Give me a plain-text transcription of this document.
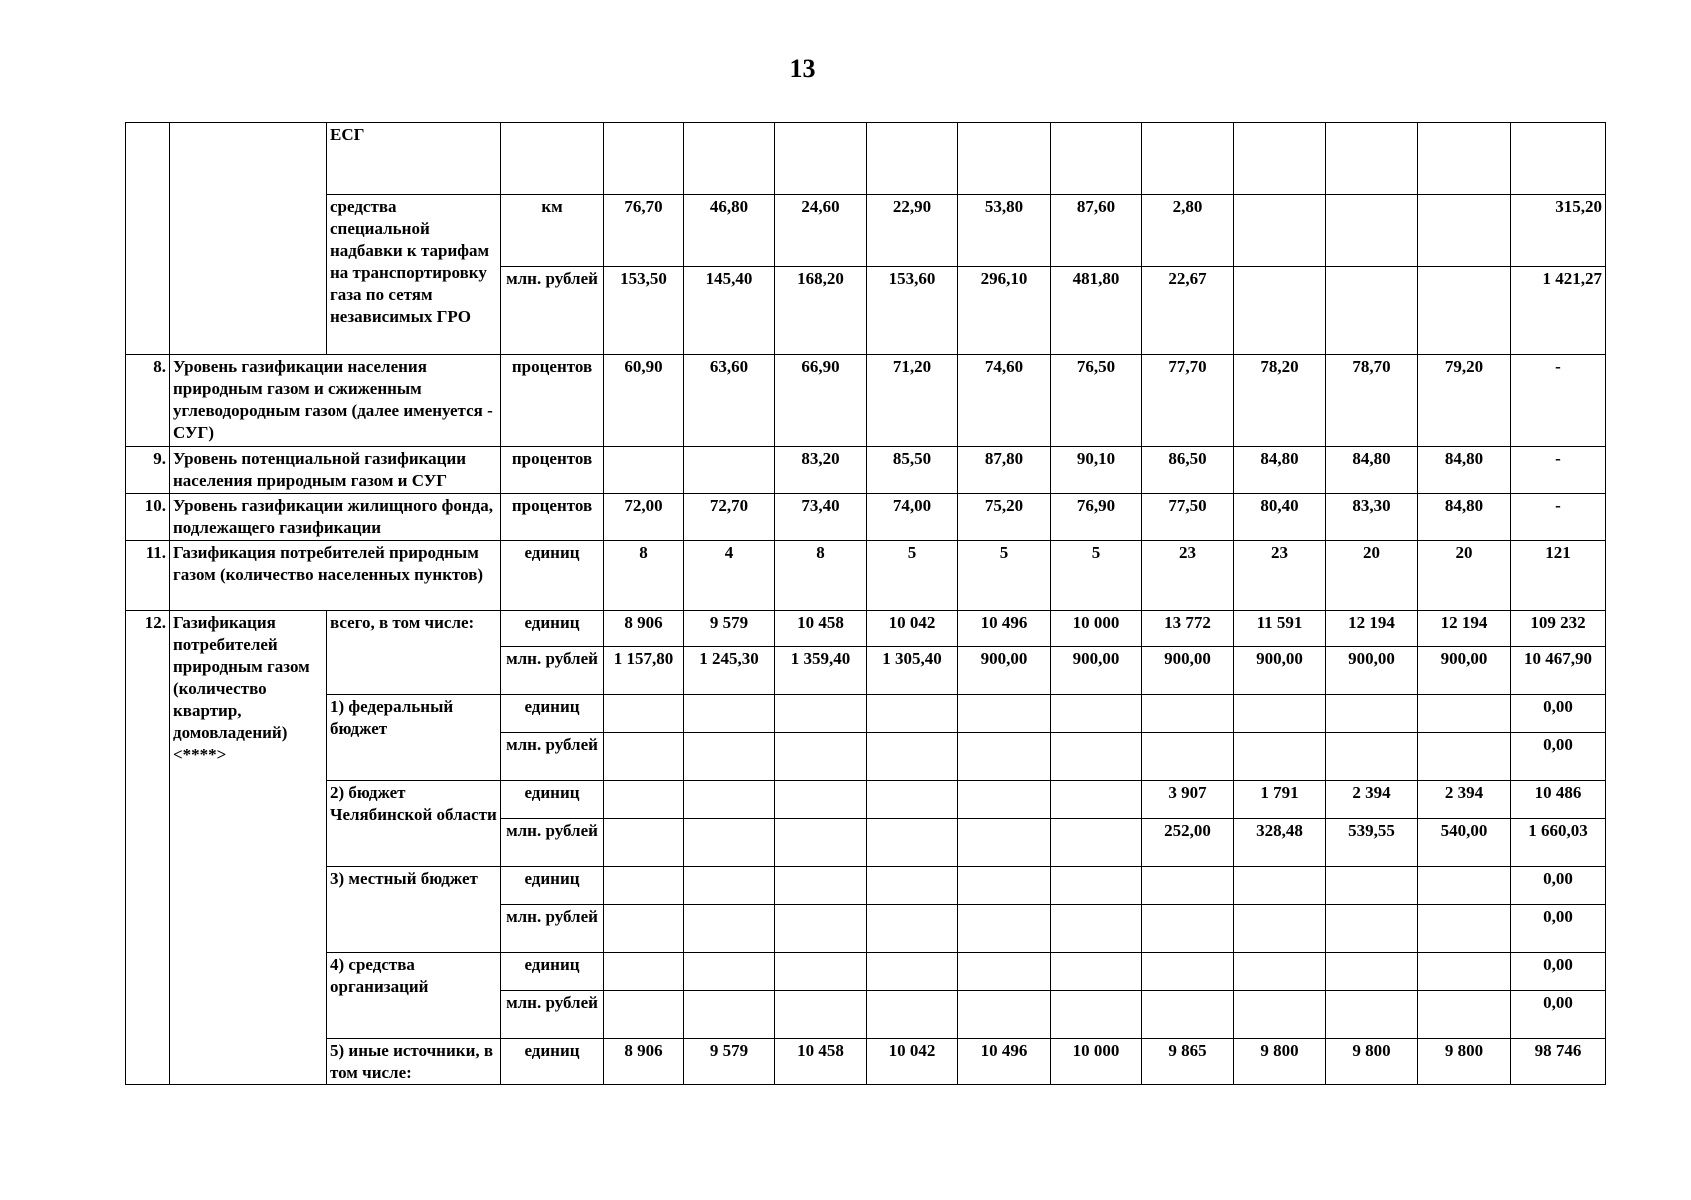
13
		ЕСГ												
		средства специальной надбавки к тарифам на транспортировку газа по сетям независимых ГРО	км	76,70	46,80	24,60	22,90	53,80	87,60	2,80				315,20
			млн. рублей	153,50	145,40	168,20	153,60	296,10	481,80	22,67				1 421,27
8.	Уровень газификации населения природным газом и сжиженным углеводородным газом (далее именуется - СУГ)		процентов	60,90	63,60	66,90	71,20	74,60	76,50	77,70	78,20	78,70	79,20	-
9.	Уровень потенциальной газификации населения природным газом и СУГ		процентов			83,20	85,50	87,80	90,10	86,50	84,80	84,80	84,80	-
10.	Уровень газификации жилищного фонда, подлежащего газификации		процентов	72,00	72,70	73,40	74,00	75,20	76,90	77,50	80,40	83,30	84,80	-
11.	Газификация потребителей природным газом (количество населенных пунктов)		единиц	8	4	8	5	5	5	23	23	20	20	121
12.	Газификация потребителей природным газом (количество квартир, домовладений) <****>	всего, в том числе:	единиц	8 906	9 579	10 458	10 042	10 496	10 000	13 772	11 591	12 194	12 194	109 232
			млн. рублей	1 157,80	1 245,30	1 359,40	1 305,40	900,00	900,00	900,00	900,00	900,00	900,00	10 467,90
		1) федеральный бюджет	единиц											0,00
			млн. рублей											0,00
		2) бюджет Челябинской области	единиц							3 907	1 791	2 394	2 394	10 486
			млн. рублей							252,00	328,48	539,55	540,00	1 660,03
		3) местный бюджет	единиц											0,00
			млн. рублей											0,00
		4) средства организаций	единиц											0,00
			млн. рублей											0,00
		5) иные источники, в том числе:	единиц	8 906	9 579	10 458	10 042	10 496	10 000	9 865	9 800	9 800	9 800	98 746
